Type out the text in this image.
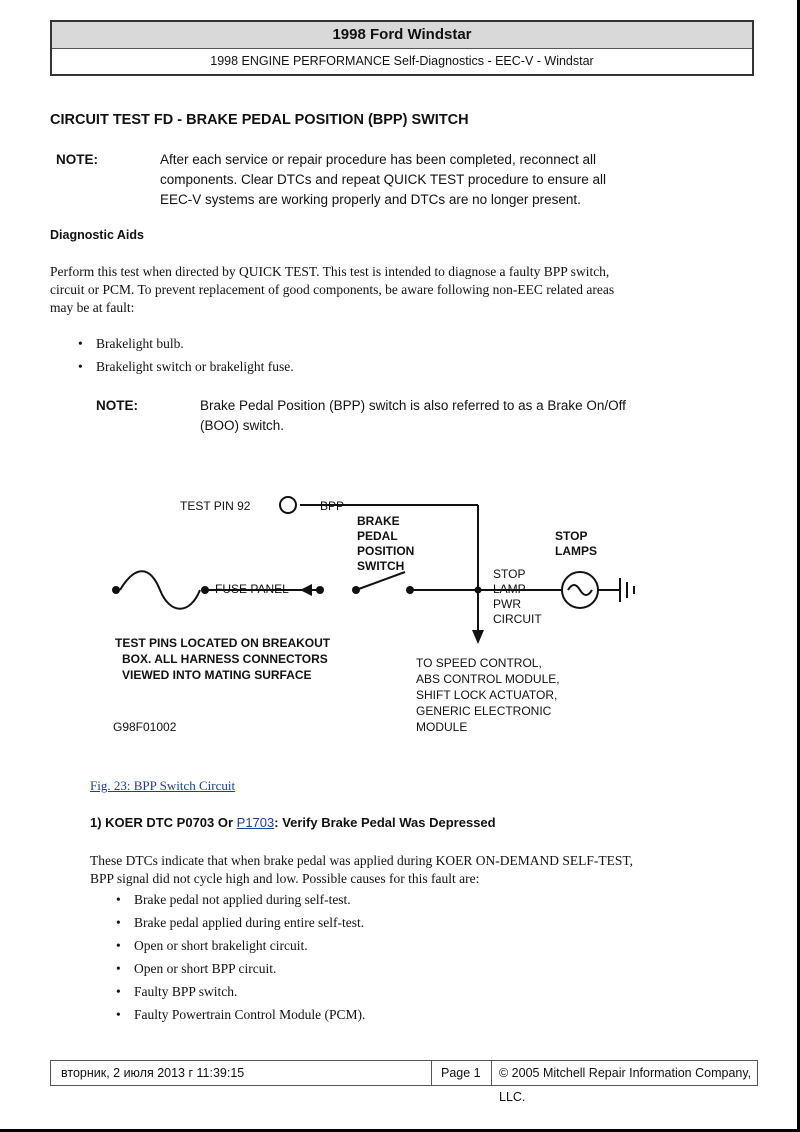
1998 Ford Windstar
1998 ENGINE PERFORMANCE Self-Diagnostics - EEC-V - Windstar
CIRCUIT TEST FD - BRAKE PEDAL POSITION (BPP) SWITCH
NOTE:	After each service or repair procedure has been completed, reconnect all
components. Clear DTCs and repeat QUICK TEST procedure to ensure all
EEC-V systems are working properly and DTCs are no longer present.
Diagnostic Aids
Perform this test when directed by QUICK TEST. This test is intended to diagnose a faulty BPP switch,
circuit or PCM. To prevent replacement of good components, be aware following non-EEC related areas
may be at fault:
• Brakelight bulb.
• Brakelight switch or brakelight fuse.
NOTE:	Brake Pedal Position (BPP) switch is also referred to as a Brake On/Off
(BOO) switch.
TEST PIN 92	BPP
BRAKE
PEDAL
POSITION
SWITCH
STOP
LAMPS
FUSE PANEL
STOP
LAMP
PWR
CIRCUIT
TEST PINS LOCATED ON BREAKOUT
BOX. ALL HARNESS CONNECTORS
VIEWED INTO MATING SURFACE
TO SPEED CONTROL,
ABS CONTROL MODULE,
SHIFT LOCK ACTUATOR,
GENERIC ELECTRONIC
MODULE
G98F01002
Fig. 23: BPP Switch Circuit
1) KOER DTC P0703 Or P1703: Verify Brake Pedal Was Depressed
These DTCs indicate that when brake pedal was applied during KOER ON-DEMAND SELF-TEST,
BPP signal did not cycle high and low. Possible causes for this fault are:
• Brake pedal not applied during self-test.
• Brake pedal applied during entire self-test.
• Open or short brakelight circuit.
• Open or short BPP circuit.
• Faulty BPP switch.
• Faulty Powertrain Control Module (PCM).
вторник, 2 июля 2013 г 11:39:15	Page 1 © 2005 Mitchell Repair Information Company, LLC.
